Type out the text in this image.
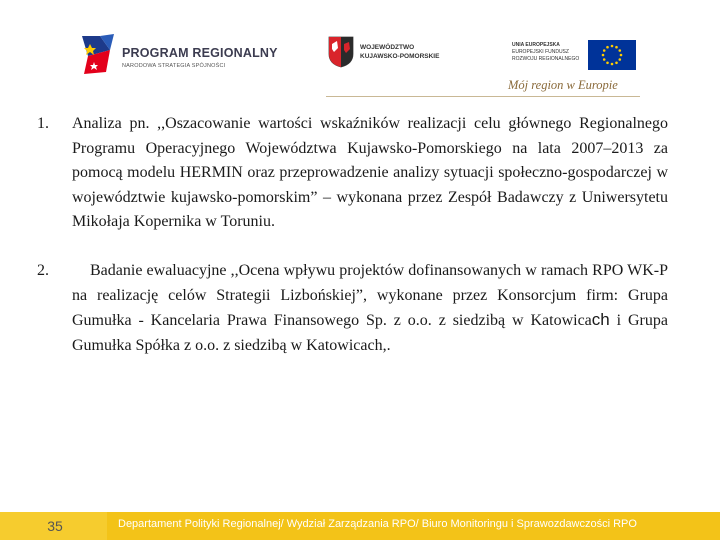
PROGRAM REGIONALNY
NARODOWA STRATEGIA SPÓJNOŚCI
WOJEWÓDZTWO
KUJAWSKO-POMORSKIE
UNIA EUROPEJSKA
EUROPEJSKI FUNDUSZ
ROZWOJU REGIONALNEGO
Mój region w Europie
1. Analiza pn. ,,Oszacowanie wartości wskaźników realizacji celu głównego Regionalnego Programu Operacyjnego Województwa Kujawsko-Pomorskiego na lata 2007–2013 za pomocą modelu HERMIN oraz przeprowadzenie analizy sytuacji społeczno-gospodarczej w województwie kujawsko-pomorskim” – wykonana przez Zespół Badawczy z Uniwersytetu Mikołaja Kopernika w Toruniu.
2.	Badanie ewaluacyjne ,,Ocena wpływu projektów dofinansowanych w ramach RPO WK-P na realizację celów Strategii Lizbońskiej”, wykonane przez Konsorcjum firm: Grupa Gumułka - Kancelaria Prawa Finansowego Sp. z o.o. z siedzibą w Katowicach i Grupa Gumułka Spółka z o.o. z siedzibą w Katowicach,.
35	Departament Polityki Regionalnej/ Wydział Zarządzania RPO/ Biuro Monitoringu i Sprawozdawczości RPO
